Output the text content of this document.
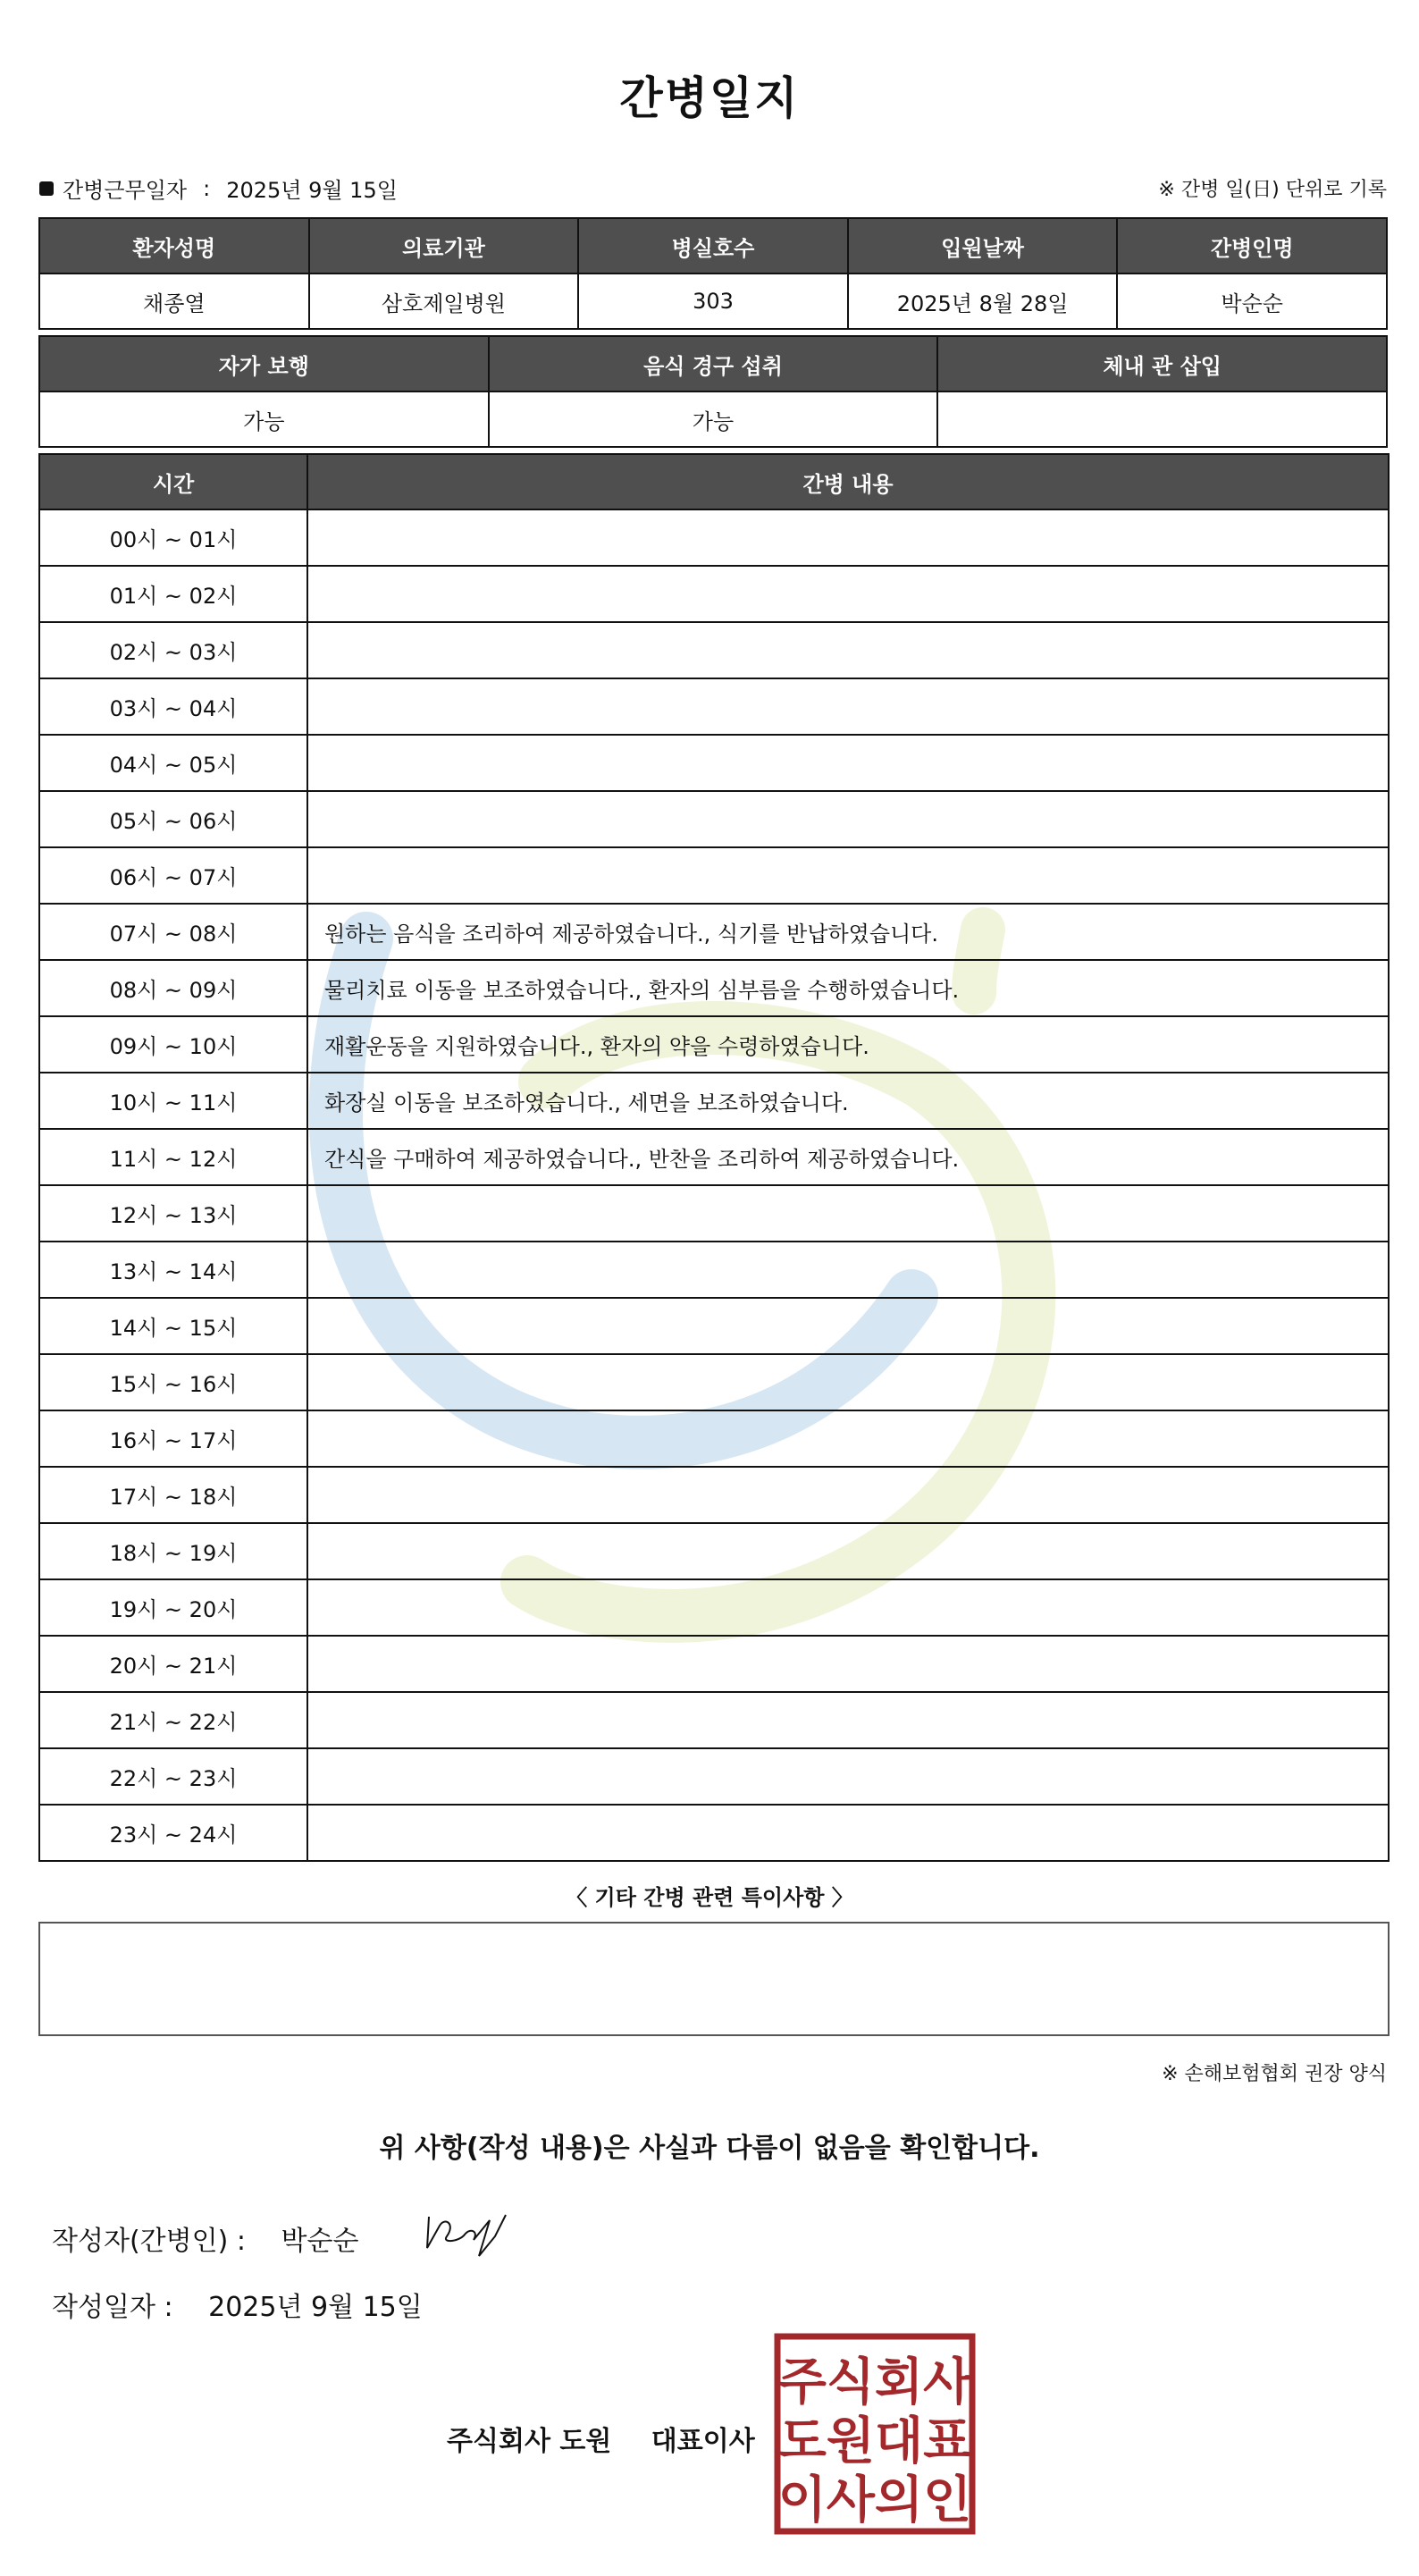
간병일지
간병근무일자 : 2025년 9월 15일	※ 간병 일(日) 단위로 기록
환자성명	의료기관	병실호수	입원날짜	간병인명
채종열	삼호제일병원	303	2025년 8월 28일	박순순
자가 보행	음식 경구 섭취	체내 관 삽입
가능	가능	
시간	간병 내용
00시 ~ 01시	
01시 ~ 02시	
02시 ~ 03시	
03시 ~ 04시	
04시 ~ 05시	
05시 ~ 06시	
06시 ~ 07시	
07시 ~ 08시	원하는 음식을 조리하여 제공하였습니다., 식기를 반납하였습니다.
08시 ~ 09시	물리치료 이동을 보조하였습니다., 환자의 심부름을 수행하였습니다.
09시 ~ 10시	재활운동을 지원하였습니다., 환자의 약을 수령하였습니다.
10시 ~ 11시	화장실 이동을 보조하였습니다., 세면을 보조하였습니다.
11시 ~ 12시	간식을 구매하여 제공하였습니다., 반찬을 조리하여 제공하였습니다.
12시 ~ 13시	
13시 ~ 14시	
14시 ~ 15시	
15시 ~ 16시	
16시 ~ 17시	
17시 ~ 18시	
18시 ~ 19시	
19시 ~ 20시	
20시 ~ 21시	
21시 ~ 22시	
22시 ~ 23시	
23시 ~ 24시	
〈 기타 간병 관련 특이사항 〉
※ 손해보험협회 권장 양식
위 사항(작성 내용)은 사실과 다름이 없음을 확인합니다.
작성자(간병인) : 박순순
작성일자 : 2025년 9월 15일
주식회사 도원 대표이사
주식회사
도원대표
이사의인
